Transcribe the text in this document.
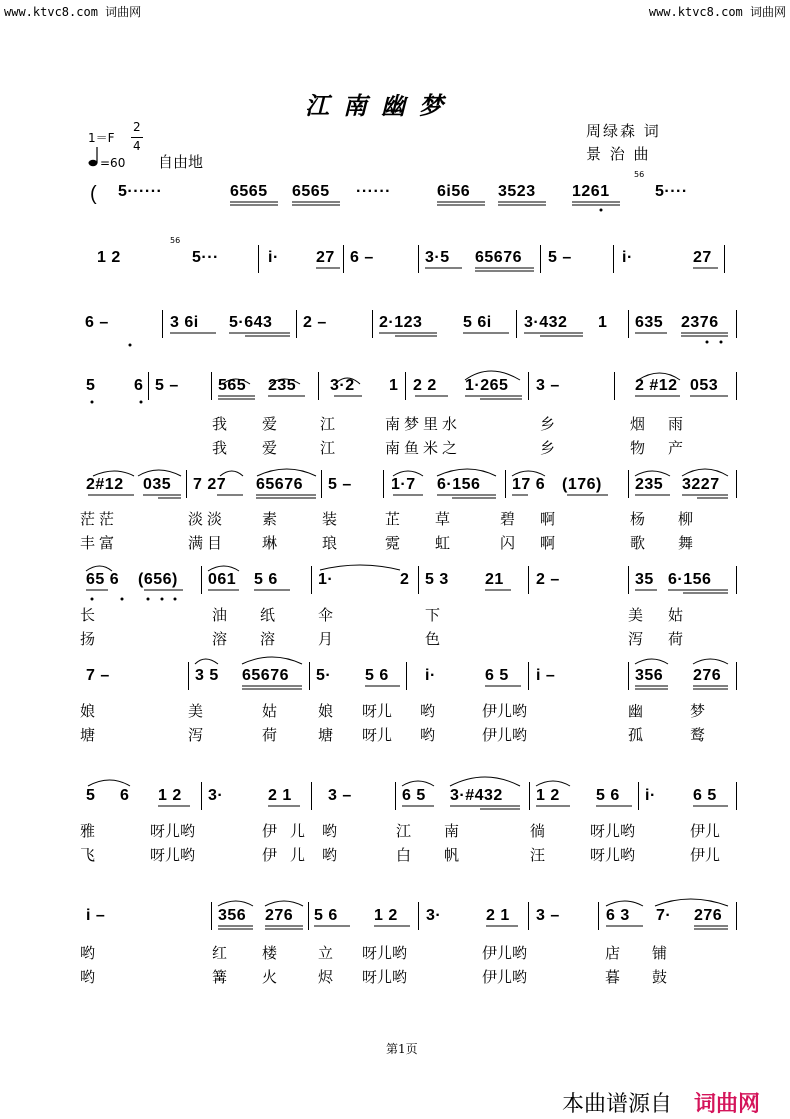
www.ktvc8.com 词曲网	www.ktvc8.com 词曲网
江南幽梦
1＝F
2
4
=60 自由地
周绿森 词
景 治 曲
( 5······	6565 6565 ······	6i56 3523 1261
56
5····
1 2
56
5···	i· 27 6 –	3·5 65676 5 –	i·	27
6 –	3 6i 5·643 2 –	2·123	5 6i 3·432 1 635 2376
5 6 5 – 565 235 3·2 1 2 2 1·265 3 –	2 #12 053
我 爱	江	南梦里水	乡	烟 雨
我 爱	江	南鱼米之	乡	物 产
2#12 035 7 27 65676 5 – 1·7 6·156 17 6 (176) 235 3227
茫茫	淡淡 素	装	芷 草	碧 啊	杨 柳
丰富	满目 琳	琅	霓 虹	闪 啊	歌 舞
65 6 (656) 061 5 6	1·	2 5 3 21 2 –	35 6·156
长	油 纸	伞	下	美 姑
扬	溶 溶	月	色	泻 荷
7 –	3 5 65676 5· 5 6 i·	6 5 i –	356 276
娘	美	姑	娘 呀儿 哟	伊儿哟	幽	梦
塘	泻	荷	塘 呀儿 哟	伊儿哟	孤	鹜
5 6 1 2 3·	2 1 3 –	6 5 3·#432 1 2 5 6 i· 6 5
雅	呀儿哟	伊 儿 哟	江 南	徜	呀儿哟	伊儿
飞	呀儿哟	伊 儿 哟	白 帆	汪	呀儿哟	伊儿
i –	356 276 5 6 1 2 3·	2 1 3 –	6 3 7· 276
哟	红 楼	立 呀儿哟	伊儿哟	店 铺
哟	篝 火	烬 呀儿哟	伊儿哟	暮 鼓
第1页
本曲谱源自 词曲网
